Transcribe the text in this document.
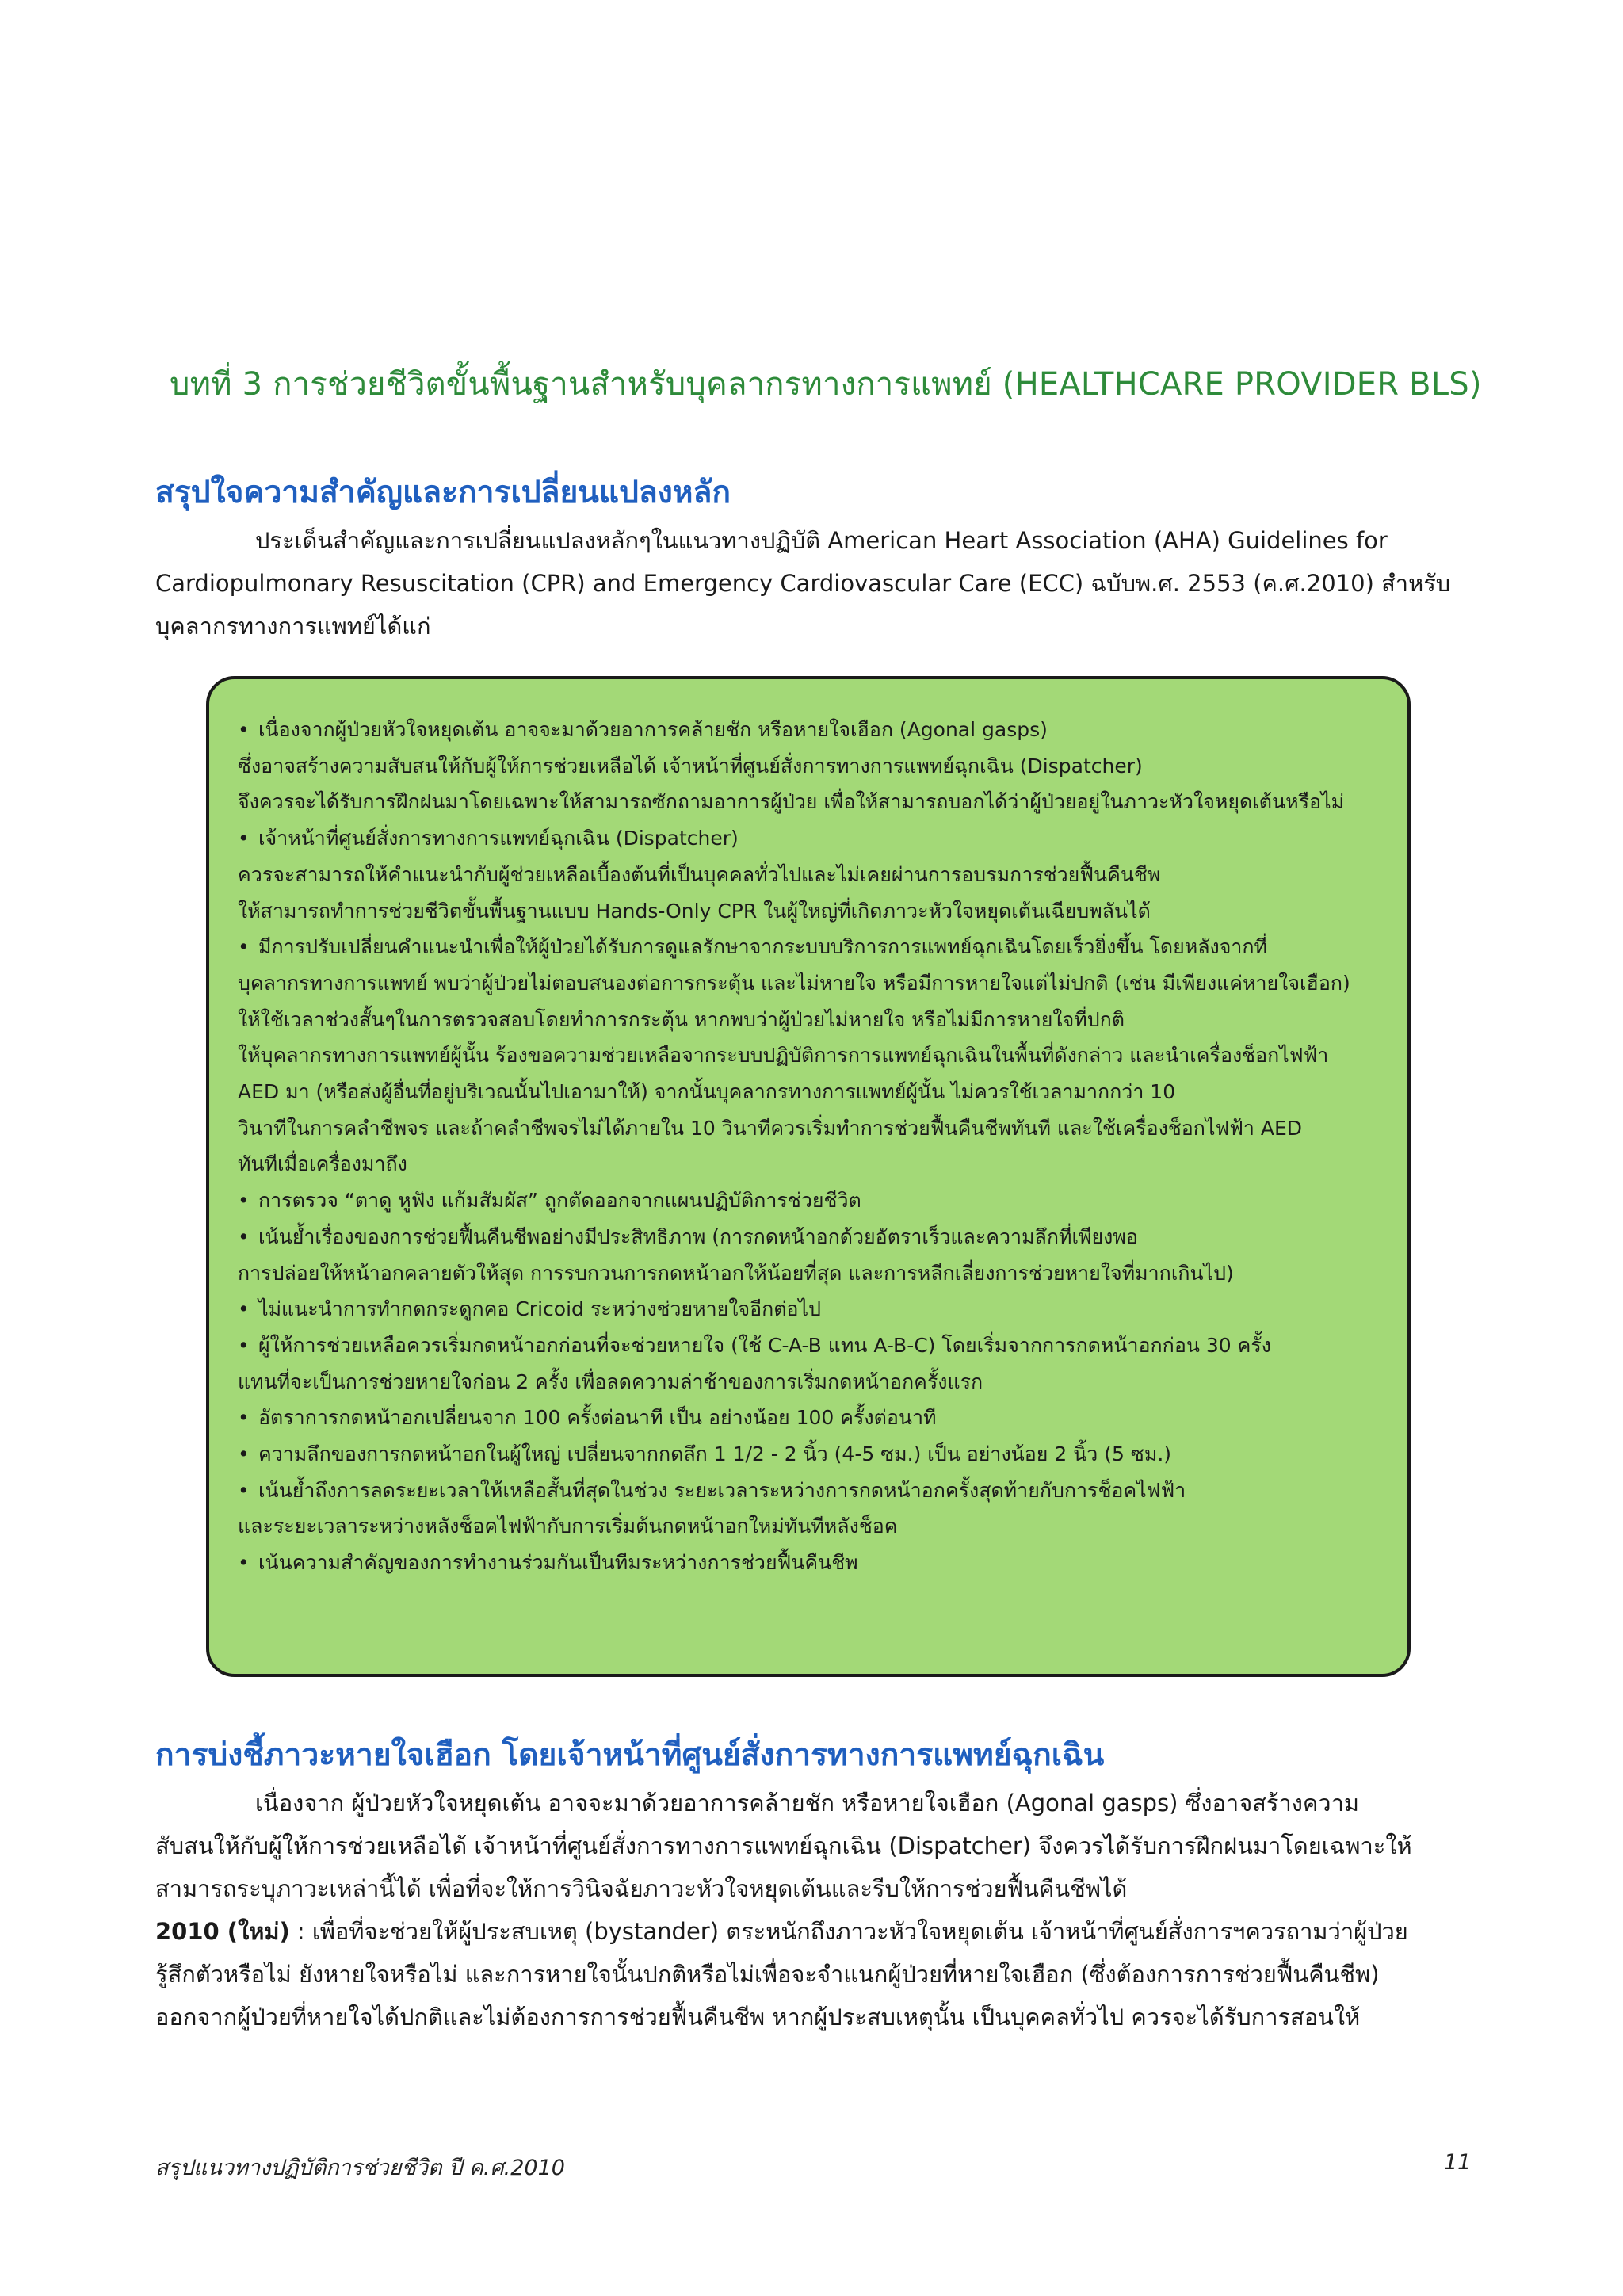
บทที่ 3 การช่วยชีวิตขั้นพื้นฐานสำหรับบุคลากรทางการแพทย์ (HEALTHCARE PROVIDER BLS)
สรุปใจความสำคัญและการเปลี่ยนแปลงหลัก
ประเด็นสำคัญและการเปลี่ยนแปลงหลักๆในแนวทางปฏิบัติ American Heart Association (AHA) Guidelines for
Cardiopulmonary Resuscitation (CPR) and Emergency Cardiovascular Care (ECC) ฉบับพ.ศ. 2553 (ค.ศ.2010) สำหรับ
บุคลากรทางการแพทย์ได้แก่
• เนื่องจากผู้ป่วยหัวใจหยุดเต้น อาจจะมาด้วยอาการคล้ายชัก หรือหายใจเฮือก (Agonal gasps)
ซึ่งอาจสร้างความสับสนให้กับผู้ให้การช่วยเหลือได้ เจ้าหน้าที่ศูนย์สั่งการทางการแพทย์ฉุกเฉิน (Dispatcher)
จึงควรจะได้รับการฝึกฝนมาโดยเฉพาะให้สามารถซักถามอาการผู้ป่วย เพื่อให้สามารถบอกได้ว่าผู้ป่วยอยู่ในภาวะหัวใจหยุดเต้นหรือไม่
• เจ้าหน้าที่ศูนย์สั่งการทางการแพทย์ฉุกเฉิน (Dispatcher)
ควรจะสามารถให้คำแนะนำกับผู้ช่วยเหลือเบื้องต้นที่เป็นบุคคลทั่วไปและไม่เคยผ่านการอบรมการช่วยฟื้นคืนชีพ
ให้สามารถทำการช่วยชีวิตขั้นพื้นฐานแบบ Hands-Only CPR ในผู้ใหญ่ที่เกิดภาวะหัวใจหยุดเต้นเฉียบพลันได้
• มีการปรับเปลี่ยนคำแนะนำเพื่อให้ผู้ป่วยได้รับการดูแลรักษาจากระบบบริการการแพทย์ฉุกเฉินโดยเร็วยิ่งขึ้น โดยหลังจากที่
บุคลากรทางการแพทย์ พบว่าผู้ป่วยไม่ตอบสนองต่อการกระตุ้น และไม่หายใจ หรือมีการหายใจแต่ไม่ปกติ (เช่น มีเพียงแค่หายใจเฮือก)
ให้ใช้เวลาช่วงสั้นๆในการตรวจสอบโดยทำการกระตุ้น หากพบว่าผู้ป่วยไม่หายใจ หรือไม่มีการหายใจที่ปกติ
ให้บุคลากรทางการแพทย์ผู้นั้น ร้องขอความช่วยเหลือจากระบบปฏิบัติการการแพทย์ฉุกเฉินในพื้นที่ดังกล่าว และนำเครื่องช็อกไฟฟ้า
AED มา (หรือส่งผู้อื่นที่อยู่บริเวณนั้นไปเอามาให้) จากนั้นบุคลากรทางการแพทย์ผู้นั้น ไม่ควรใช้เวลามากกว่า 10
วินาทีในการคลำชีพจร และถ้าคลำชีพจรไม่ได้ภายใน 10 วินาทีควรเริ่มทำการช่วยฟื้นคืนชีพทันที และใช้เครื่องช็อกไฟฟ้า AED
ทันทีเมื่อเครื่องมาถึง
• การตรวจ “ตาดู หูฟัง แก้มสัมผัส” ถูกตัดออกจากแผนปฏิบัติการช่วยชีวิต
• เน้นย้ำเรื่องของการช่วยฟื้นคืนชีพอย่างมีประสิทธิภาพ (การกดหน้าอกด้วยอัตราเร็วและความลึกที่เพียงพอ
การปล่อยให้หน้าอกคลายตัวให้สุด การรบกวนการกดหน้าอกให้น้อยที่สุด และการหลีกเลี่ยงการช่วยหายใจที่มากเกินไป)
• ไม่แนะนำการทำกดกระดูกคอ Cricoid ระหว่างช่วยหายใจอีกต่อไป
• ผู้ให้การช่วยเหลือควรเริ่มกดหน้าอกก่อนที่จะช่วยหายใจ (ใช้ C-A-B แทน A-B-C) โดยเริ่มจากการกดหน้าอกก่อน 30 ครั้ง
แทนที่จะเป็นการช่วยหายใจก่อน 2 ครั้ง เพื่อลดความล่าช้าของการเริ่มกดหน้าอกครั้งแรก
• อัตราการกดหน้าอกเปลี่ยนจาก 100 ครั้งต่อนาที เป็น อย่างน้อย 100 ครั้งต่อนาที
• ความลึกของการกดหน้าอกในผู้ใหญ่ เปลี่ยนจากกดลึก 1 1/2 - 2 นิ้ว (4-5 ซม.) เป็น อย่างน้อย 2 นิ้ว (5 ซม.)
• เน้นย้ำถึงการลดระยะเวลาให้เหลือสั้นที่สุดในช่วง ระยะเวลาระหว่างการกดหน้าอกครั้งสุดท้ายกับการช็อคไฟฟ้า
และระยะเวลาระหว่างหลังช็อคไฟฟ้ากับการเริ่มต้นกดหน้าอกใหม่ทันทีหลังช็อค
• เน้นความสำคัญของการทำงานร่วมกันเป็นทีมระหว่างการช่วยฟื้นคืนชีพ
การบ่งชี้ภาวะหายใจเฮือก โดยเจ้าหน้าที่ศูนย์สั่งการทางการแพทย์ฉุกเฉิน
เนื่องจาก ผู้ป่วยหัวใจหยุดเต้น อาจจะมาด้วยอาการคล้ายชัก หรือหายใจเฮือก (Agonal gasps) ซึ่งอาจสร้างความ
สับสนให้กับผู้ให้การช่วยเหลือได้ เจ้าหน้าที่ศูนย์สั่งการทางการแพทย์ฉุกเฉิน (Dispatcher) จึงควรได้รับการฝึกฝนมาโดยเฉพาะให้
สามารถระบุภาวะเหล่านี้ได้ เพื่อที่จะให้การวินิจฉัยภาวะหัวใจหยุดเต้นและรีบให้การช่วยฟื้นคืนชีพได้
2010 (ใหม่) : เพื่อที่จะช่วยให้ผู้ประสบเหตุ (bystander) ตระหนักถึงภาวะหัวใจหยุดเต้น เจ้าหน้าที่ศูนย์สั่งการฯควรถามว่าผู้ป่วย
รู้สึกตัวหรือไม่ ยังหายใจหรือไม่ และการหายใจนั้นปกติหรือไม่เพื่อจะจำแนกผู้ป่วยที่หายใจเฮือก (ซึ่งต้องการการช่วยฟื้นคืนชีพ)
ออกจากผู้ป่วยที่หายใจได้ปกติและไม่ต้องการการช่วยฟื้นคืนชีพ หากผู้ประสบเหตุนั้น เป็นบุคคลทั่วไป ควรจะได้รับการสอนให้
สรุปแนวทางปฏิบัติการช่วยชีวิต ปี ค.ศ.2010	11
